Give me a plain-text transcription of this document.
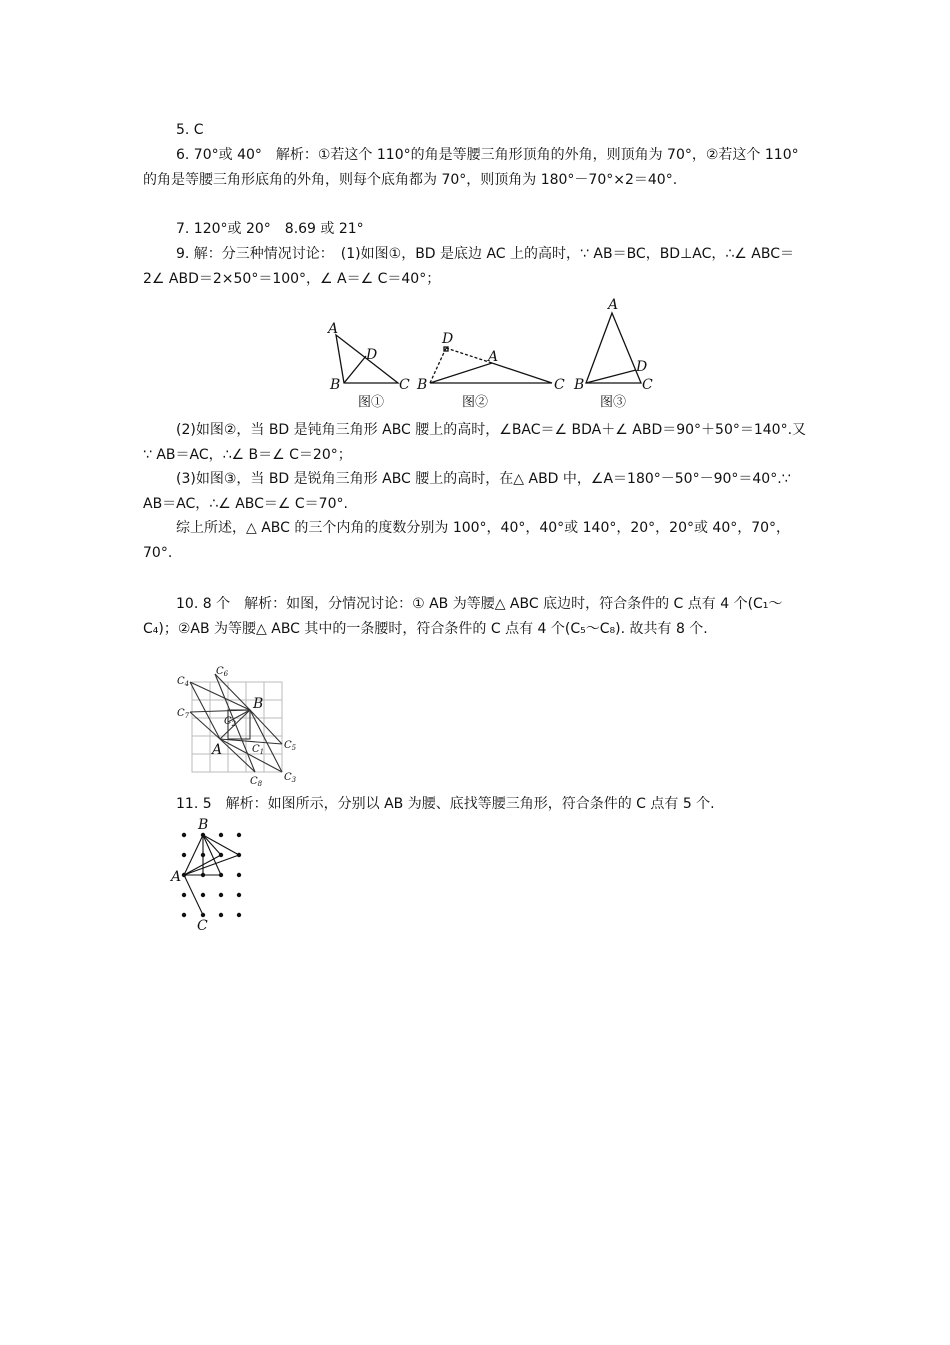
5. C

6. 70°或 40°　解析：①若这个 110°的角是等腰三角形顶角的外角，则顶角为 70°，②若这个 110°的角是等腰三角形底角的外角，则每个底角都为 70°，则顶角为 180°－70°×2＝40°.

7. 120°或 20°　8.69 或 21°

9. 解：分三种情况讨论：　(1)如图①，BD 是底边 AC 上的高时，∵ AB＝BC，BD⊥AC，∴∠ ABC＝2∠ ABD＝2×50°＝100°，∠ A＝∠ C＝40°；

A
D
B	C
D
A
B	C
A
D
B	C
图①	图②	图③

(2)如图②，当 BD 是钝角三角形 ABC 腰上的高时，∠BAC＝∠ BDA＋∠ ABD＝90°＋50°＝140°.又∵ AB＝AC，∴∠ B＝∠ C＝20°；

(3)如图③，当 BD 是锐角三角形 ABC 腰上的高时，在△ ABD 中，∠A＝180°－50°－90°＝40°.∵ AB＝AC，∴∠ ABC＝∠ C＝70°.

综上所述，△ ABC 的三个内角的度数分别为 100°，40°，40°或 140°，20°，20°或 40°，70°，70°.

10. 8 个　解析：如图，分情况讨论：① AB 为等腰△ ABC 底边时，符合条件的 C 点有 4 个(C₁～C₄)；②AB 为等腰△ ABC 其中的一条腰时，符合条件的 C 点有 4 个(C₅～C₈). 故共有 8 个.

A
B
$C_1$
$C_2$
$C_3$
$C_4$
$C_5$
$C_6$
$C_7$
$C_8$

11. 5　解析：如图所示，分别以 AB 为腰、底找等腰三角形，符合条件的 C 点有 5 个.

A
B
C
